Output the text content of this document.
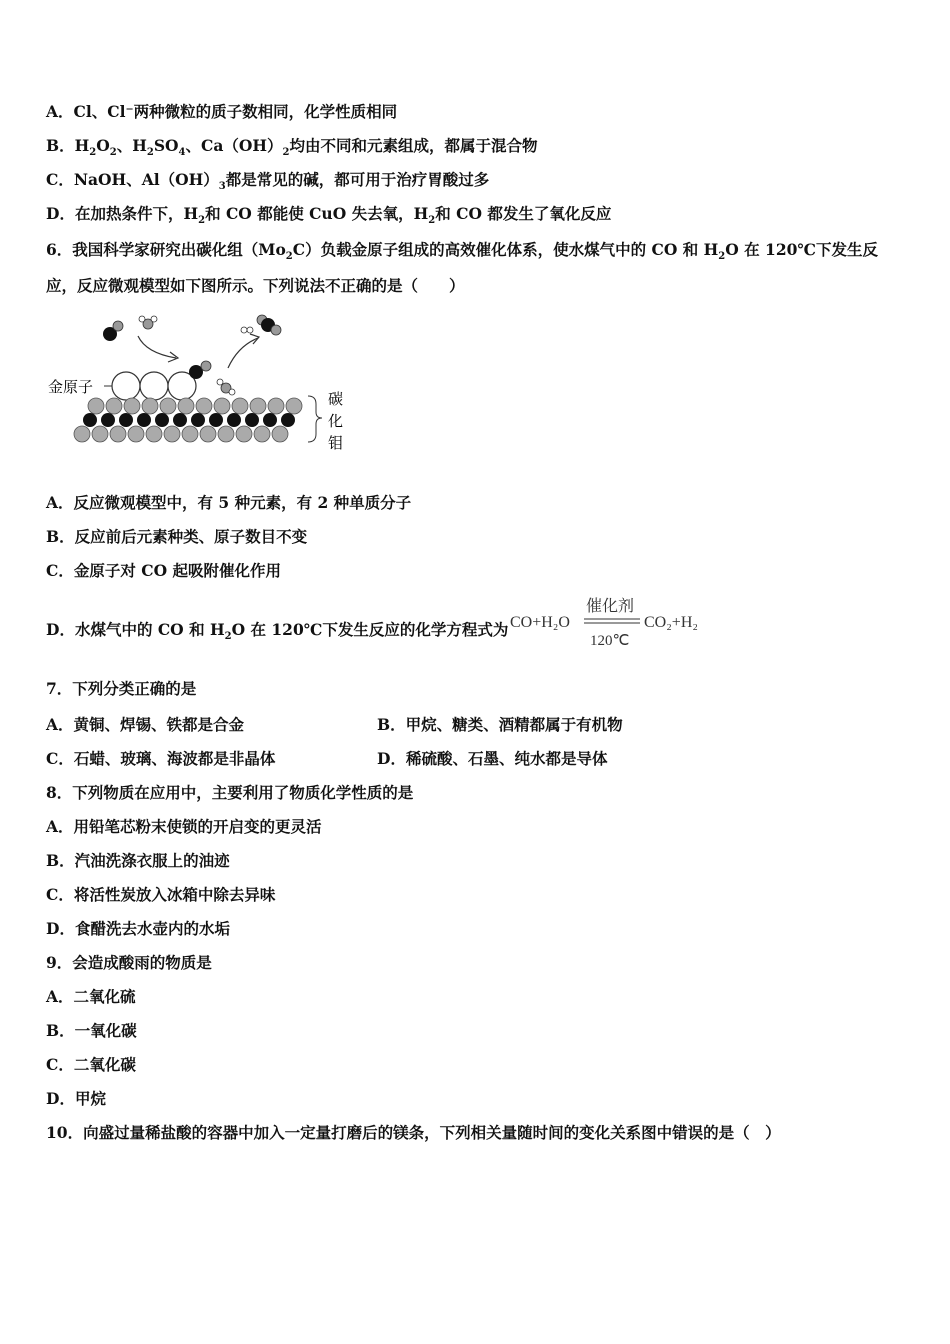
A．Cl、Cl⁻两种微粒的质子数相同，化学性质相同
B．$H_2O_2$、$H_2SO_4$、$Ca(OH)_2$均由不同和元素组成，都属于混合物
C．NaOH、$Al(OH)_3$都是常见的碱，都可用于治疗胃酸过多
D．在加热条件下，$H_2$和 CO 都能使 CuO 失去氧，$H_2$和 CO 都发生了氧化反应
6．我国科学家研究出碳化组$(Mo_2C)$负载金原子组成的高效催化体系，使水煤气中的 CO 和 $H_2O$ 在 120℃下发生反
应，反应微观模型如下图所示。下列说法不正确的是（　　）
金原子
碳
化
钼
A．反应微观模型中，有 5 种元素，有 2 种单质分子
B．反应前后元素种类、原子数目不变
C．金原子对 CO 起吸附催化作用
D．水煤气中的 CO 和 $H_2O$ 在 120℃下发生反应的化学方程式为 CO+H₂O
催化剂
120℃
CO₂+H₂
7．下列分类正确的是
A．黄铜、焊锡、铁都是合金	B．甲烷、糖类、酒精都属于有机物
C．石蜡、玻璃、海波都是非晶体	D．稀硫酸、石墨、纯水都是导体
8．下列物质在应用中，主要利用了物质化学性质的是
A．用铅笔芯粉末使锁的开启变的更灵活
B．汽油洗涤衣服上的油迹
C．将活性炭放入冰箱中除去异味
D．食醋洗去水壶内的水垢
9．会造成酸雨的物质是
A．二氧化硫
B．一氧化碳
C．二氧化碳
D．甲烷
10．向盛过量稀盐酸的容器中加入一定量打磨后的镁条，下列相关量随时间的变化关系图中错误的是（　）
